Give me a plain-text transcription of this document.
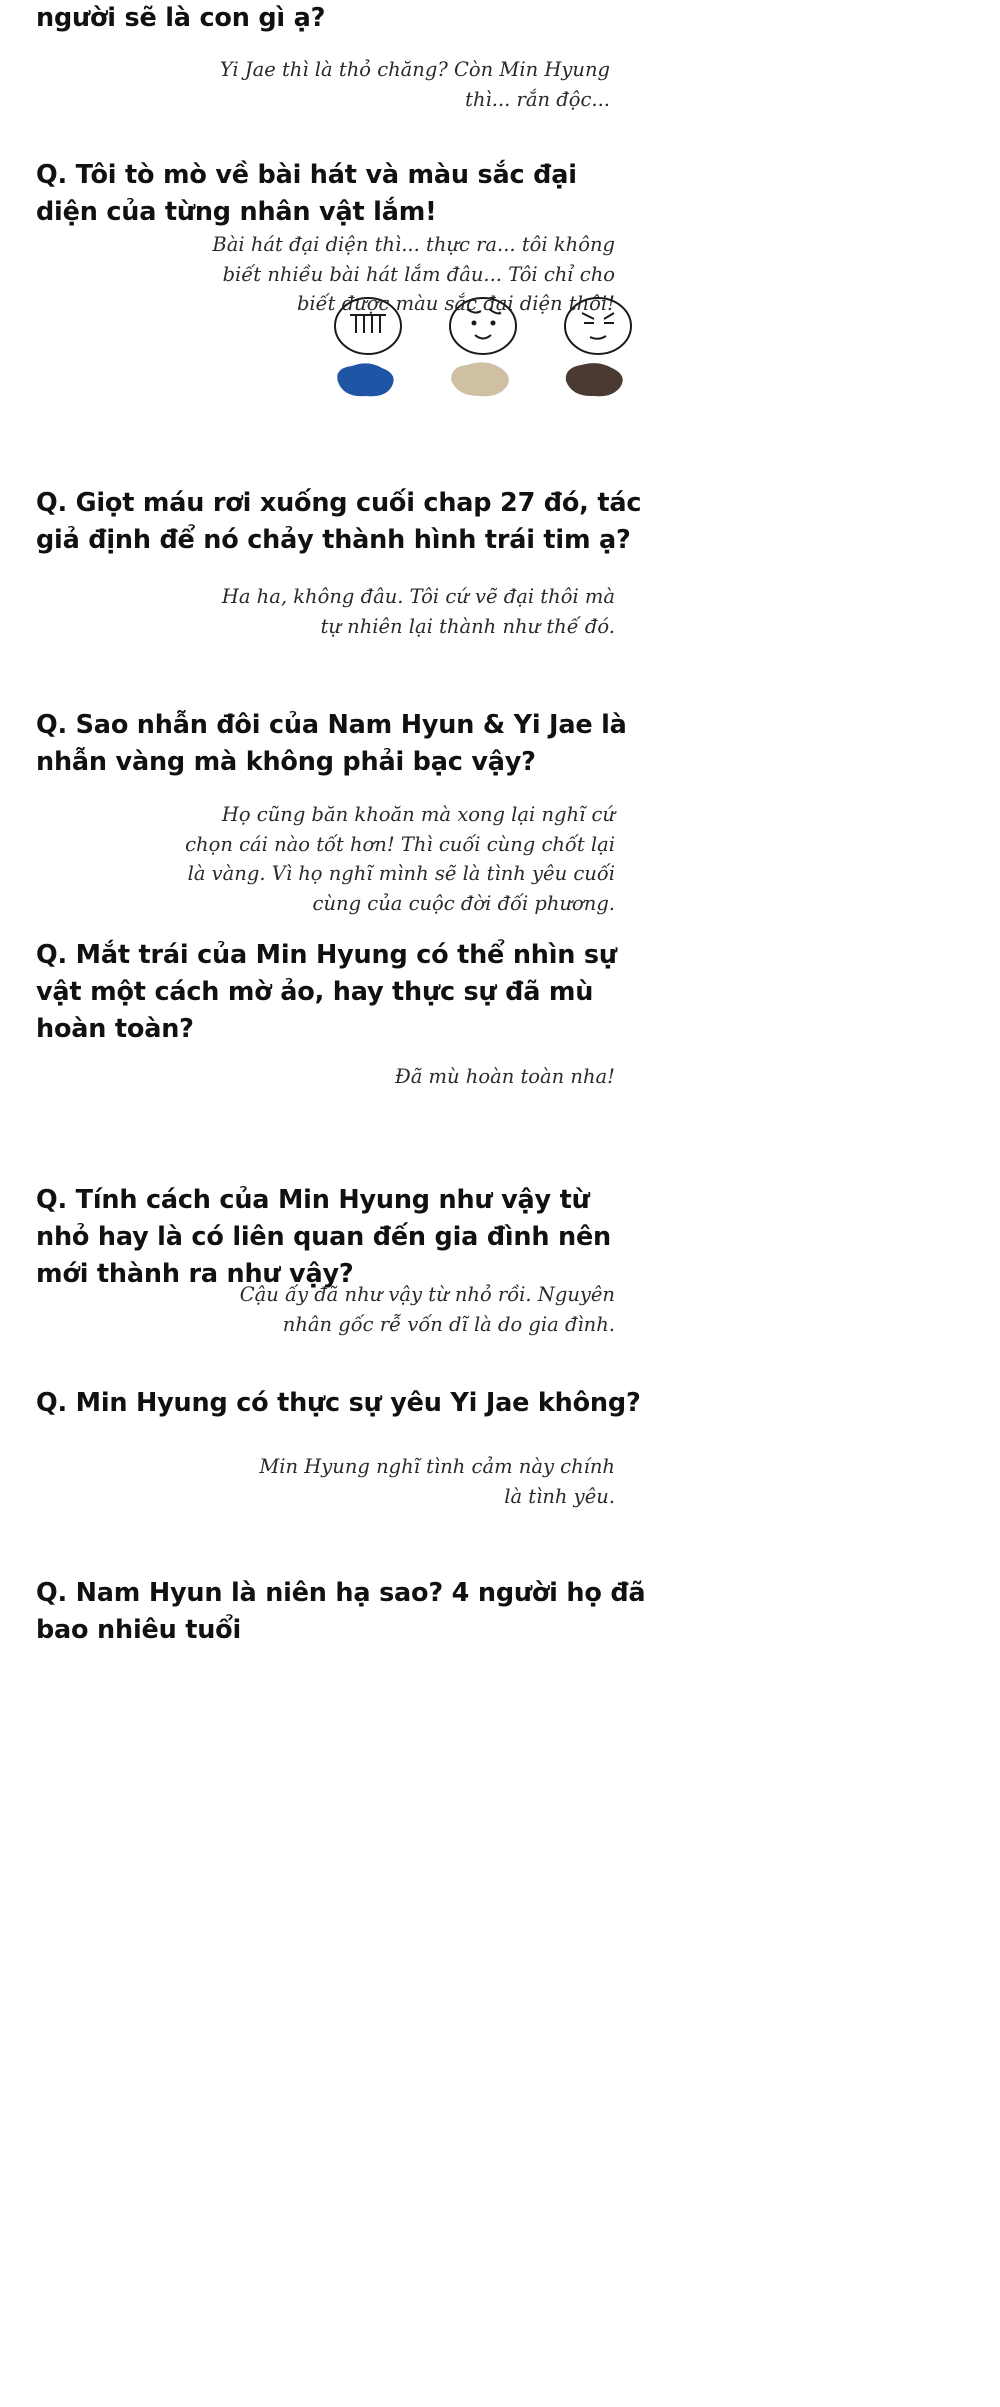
người sẽ là con gì ạ?
Yi Jae thì là thỏ chăng? Còn Min Hyung thì... rắn độc...
Q. Tôi tò mò về bài hát và màu sắc đại diện của từng nhân vật lắm!
Bài hát đại diện thì... thực ra... tôi không biết nhiều bài hát lắm đâu... Tôi chỉ cho biết được màu sắc đại diện thôi!
Q. Giọt máu rơi xuống cuối chap 27 đó, tác giả định để nó chảy thành hình trái tim ạ?
Ha ha, không đâu. Tôi cứ vẽ đại thôi mà tự nhiên lại thành như thế đó.
Q. Sao nhẫn đôi của Nam Hyun & Yi Jae là nhẫn vàng mà không phải bạc vậy?
Họ cũng băn khoăn mà xong lại nghĩ cứ chọn cái nào tốt hơn! Thì cuối cùng chốt lại là vàng. Vì họ nghĩ mình sẽ là tình yêu cuối cùng của cuộc đời đối phương.
Q. Mắt trái của Min Hyung có thể nhìn sự vật một cách mờ ảo, hay thực sự đã mù hoàn toàn?
Đã mù hoàn toàn nha!
Q. Tính cách của Min Hyung như vậy từ nhỏ hay là có liên quan đến gia đình nên mới thành ra như vậy?
Cậu ấy đã như vậy từ nhỏ rồi. Nguyên nhân gốc rễ vốn dĩ là do gia đình.
Q. Min Hyung có thực sự yêu Yi Jae không?
Min Hyung nghĩ tình cảm này chính là tình yêu.
Q. Nam Hyun là niên hạ sao? 4 người họ đã bao nhiêu tuổi
